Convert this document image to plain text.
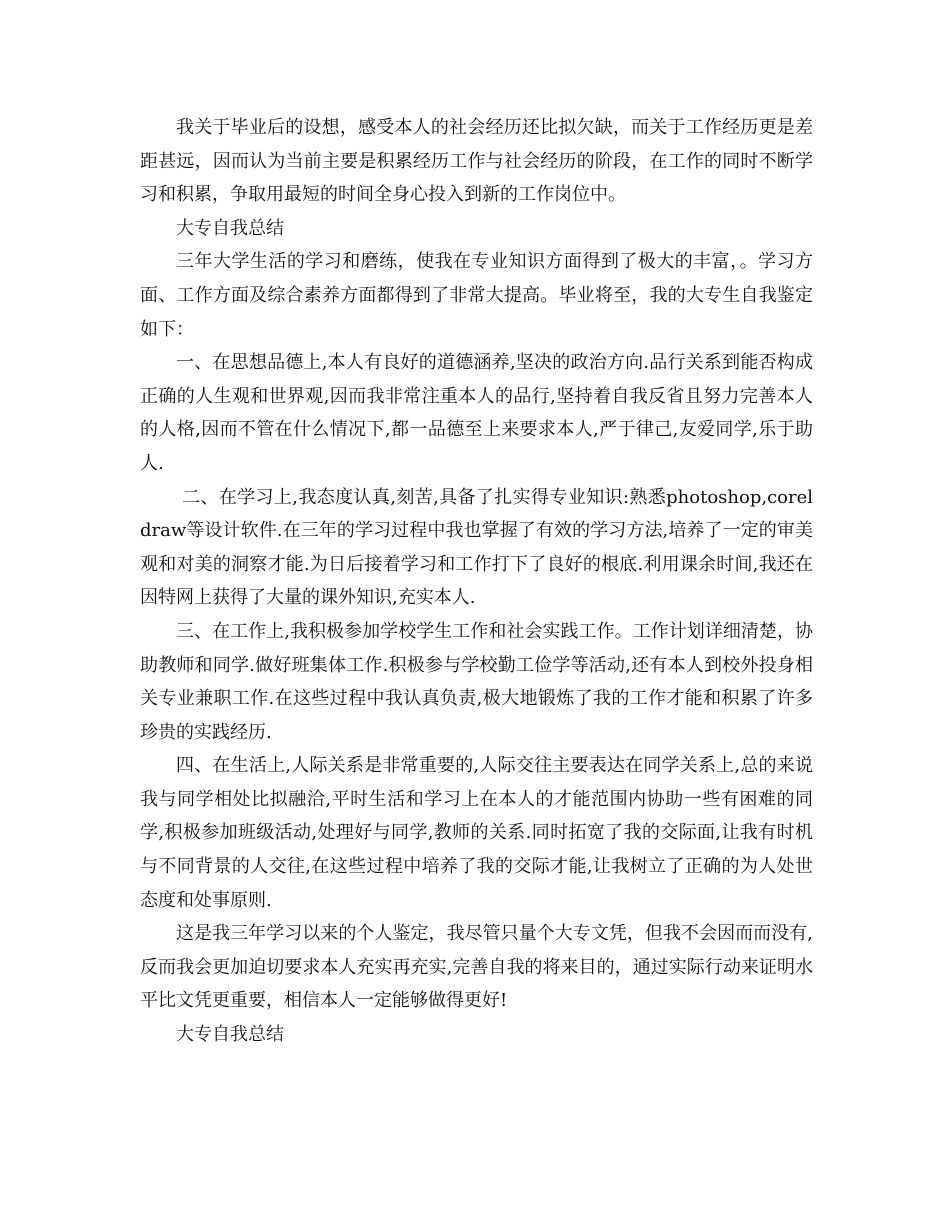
我关于毕业后的设想，感受本人的社会经历还比拟欠缺，而关于工作经历更是差距甚远，因而认为当前主要是积累经历工作与社会经历的阶段，在工作的同时不断学习和积累，争取用最短的时间全身心投入到新的工作岗位中。

大专自我总结

三年大学生活的学习和磨练，使我在专业知识方面得到了极大的丰富，。学习方面、工作方面及综合素养方面都得到了非常大提高。毕业将至，我的大专生自我鉴定如下：

一、在思想品德上,本人有良好的道德涵养,坚决的政治方向.品行关系到能否构成正确的人生观和世界观,因而我非常注重本人的品行,坚持着自我反省且努力完善本人的人格,因而不管在什么情况下,都一品德至上来要求本人,严于律己,友爱同学,乐于助人.

二、在学习上,我态度认真,刻苦,具备了扎实得专业知识:熟悉photoshop,coreldraw等设计软件.在三年的学习过程中我也掌握了有效的学习方法,培养了一定的审美观和对美的洞察才能.为日后接着学习和工作打下了良好的根底.利用课余时间,我还在因特网上获得了大量的课外知识,充实本人.

三、在工作上,我积极参加学校学生工作和社会实践工作。工作计划详细清楚，协助教师和同学.做好班集体工作.积极参与学校勤工俭学等活动,还有本人到校外投身相关专业兼职工作.在这些过程中我认真负责,极大地锻炼了我的工作才能和积累了许多珍贵的实践经历.

四、在生活上,人际关系是非常重要的,人际交往主要表达在同学关系上,总的来说我与同学相处比拟融洽,平时生活和学习上在本人的才能范围内协助一些有困难的同学,积极参加班级活动,处理好与同学,教师的关系.同时拓宽了我的交际面,让我有时机与不同背景的人交往,在这些过程中培养了我的交际才能,让我树立了正确的为人处世态度和处事原则.

这是我三年学习以来的个人鉴定，我尽管只量个大专文凭，但我不会因而而没有,反而我会更加迫切要求本人充实再充实,完善自我的将来目的，通过实际行动来证明水平比文凭更重要，相信本人一定能够做得更好!

大专自我总结
